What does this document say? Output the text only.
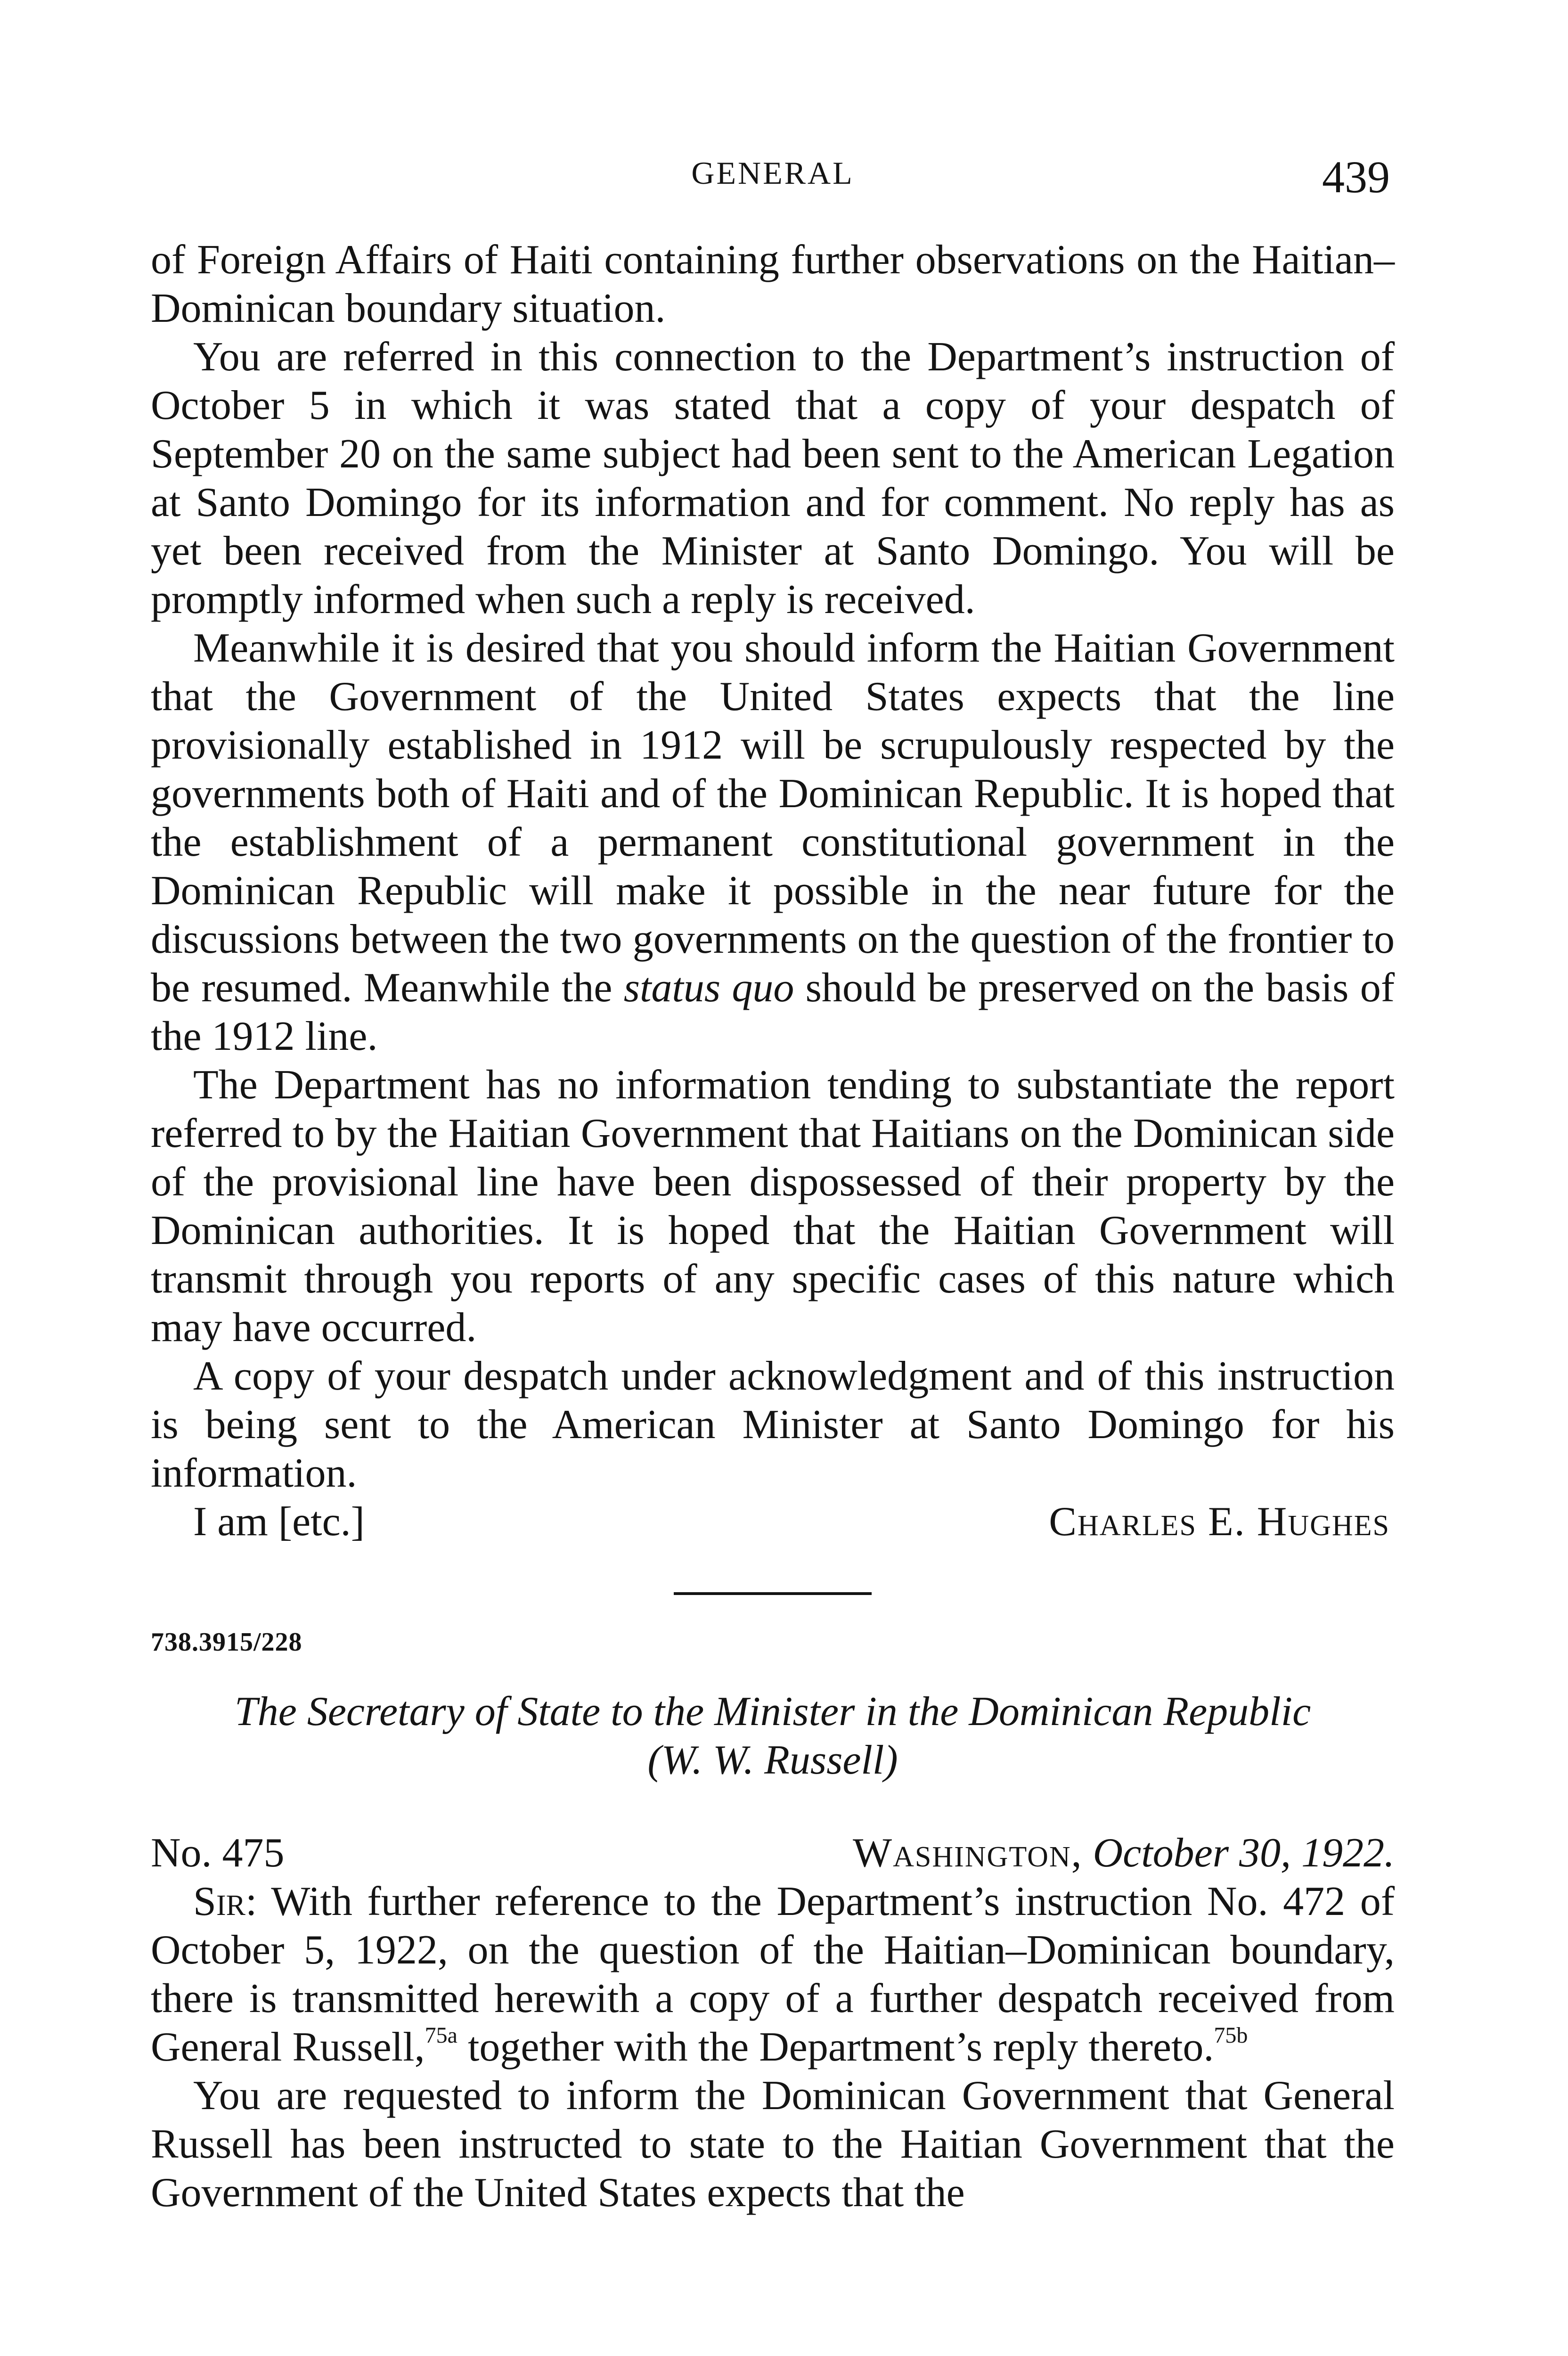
GENERAL	439

of Foreign Affairs of Haiti containing further observations on the Haitian–Dominican boundary situation.

You are referred in this connection to the Department’s instruction of October 5 in which it was stated that a copy of your despatch of September 20 on the same subject had been sent to the American Legation at Santo Domingo for its information and for comment. No reply has as yet been received from the Minister at Santo Domingo. You will be promptly informed when such a reply is received.

Meanwhile it is desired that you should inform the Haitian Government that the Government of the United States expects that the line provisionally established in 1912 will be scrupulously respected by the governments both of Haiti and of the Dominican Republic. It is hoped that the establishment of a permanent constitutional government in the Dominican Republic will make it possible in the near future for the discussions between the two governments on the question of the frontier to be resumed. Meanwhile the status quo should be preserved on the basis of the 1912 line.

The Department has no information tending to substantiate the report referred to by the Haitian Government that Haitians on the Dominican side of the provisional line have been dispossessed of their property by the Dominican authorities. It is hoped that the Haitian Government will transmit through you reports of any specific cases of this nature which may have occurred.

A copy of your despatch under acknowledgment and of this instruction is being sent to the American Minister at Santo Domingo for his information.

I am [etc.]	Charles E. Hughes
738.3915/228
The Secretary of State to the Minister in the Dominican Republic
(W. W. Russell)
No. 475	Washington, October 30, 1922.

Sir: With further reference to the Department’s instruction No. 472 of October 5, 1922, on the question of the Haitian–Dominican boundary, there is transmitted herewith a copy of a further despatch received from General Russell,$^{75a}$ together with the Department’s reply thereto.$^{75b}$

You are requested to inform the Dominican Government that General Russell has been instructed to state to the Haitian Government that the Government of the United States expects that the
